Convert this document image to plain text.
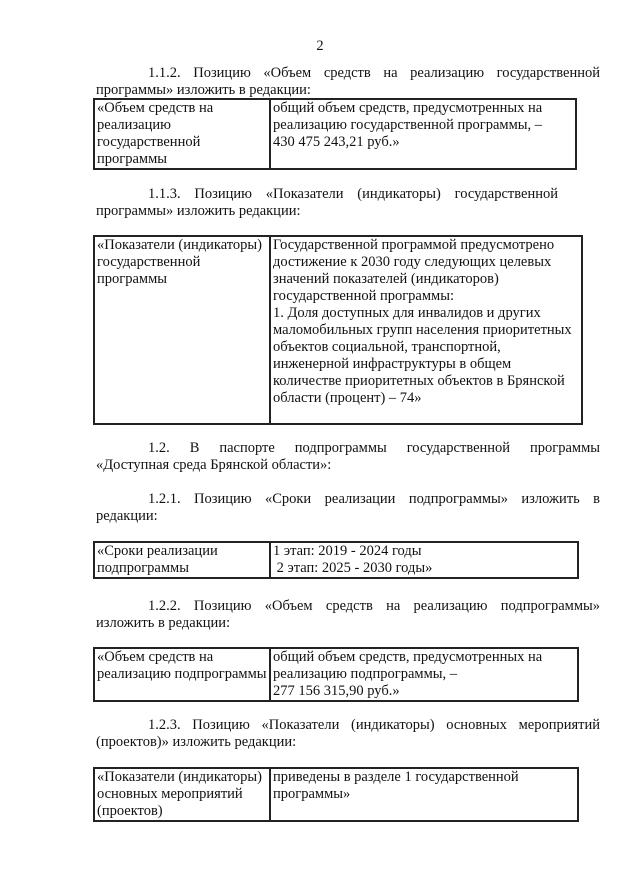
2
1.1.2. Позицию «Объем средств на реализацию государственной
программы» изложить в редакции:
«Объем средств на
реализацию
государственной
программы

общий объем средств, предусмотренных на
реализацию государственной программы, –
430 475 243,21 руб.»
1.1.3. Позицию «Показатели (индикаторы) государственной
программы» изложить редакции:
«Показатели (индикаторы)
государственной
программы

Государственной программой предусмотрено
достижение к 2030 году следующих целевых
значений показателей (индикаторов)
государственной программы:
1. Доля доступных для инвалидов и других
маломобильных групп населения приоритетных
объектов социальной, транспортной,
инженерной инфраструктуры в общем
количестве приоритетных объектов в Брянской
области (процент) – 74»
1.2. В паспорте подпрограммы государственной программы
«Доступная среда Брянской области»:
1.2.1. Позицию «Сроки реализации подпрограммы» изложить в
редакции:
«Сроки реализации
подпрограммы

1 этап: 2019 - 2024 годы
2 этап: 2025 - 2030 годы»
1.2.2. Позицию «Объем средств на реализацию подпрограммы»
изложить в редакции:
«Объем средств на
реализацию подпрограммы

общий объем средств, предусмотренных на
реализацию подпрограммы, –
277 156 315,90 руб.»
1.2.3. Позицию «Показатели (индикаторы) основных мероприятий
(проектов)» изложить редакции:
«Показатели (индикаторы)
основных мероприятий
(проектов)

приведены в разделе 1 государственной
программы»
